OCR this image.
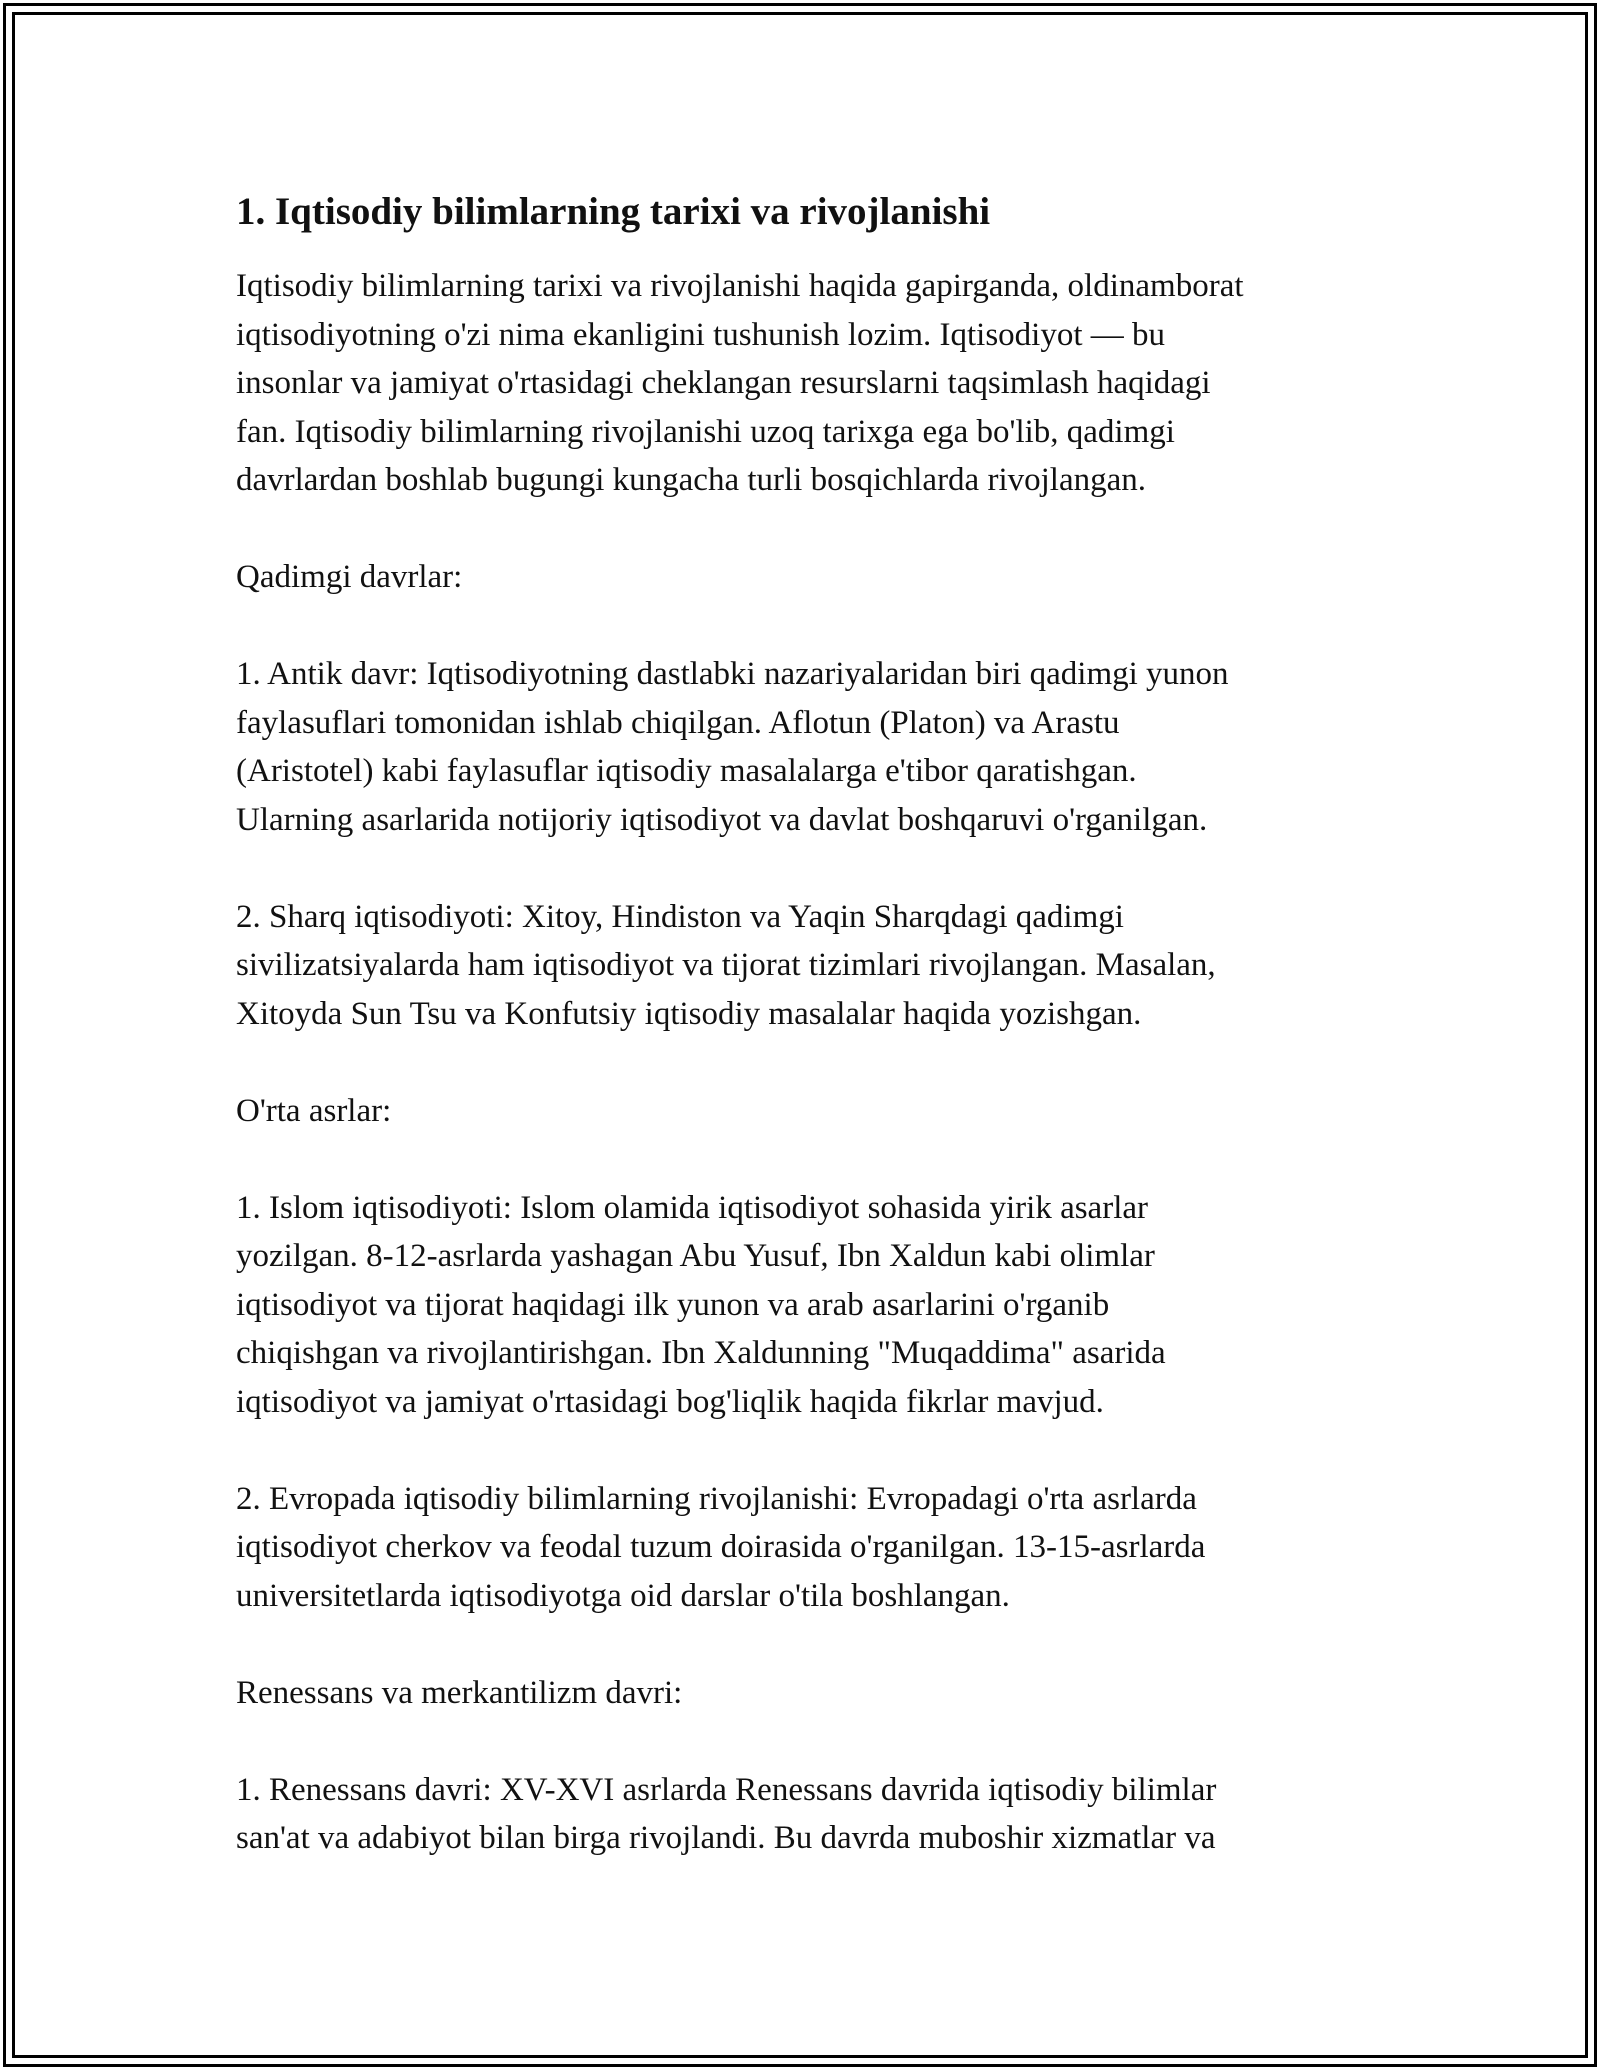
1. Iqtisodiy bilimlarning tarixi va rivojlanishi

Iqtisodiy bilimlarning tarixi va rivojlanishi haqida gapirganda, oldinamborat
iqtisodiyotning o'zi nima ekanligini tushunish lozim. Iqtisodiyot — bu
insonlar va jamiyat o'rtasidagi cheklangan resurslarni taqsimlash haqidagi
fan. Iqtisodiy bilimlarning rivojlanishi uzoq tarixga ega bo'lib, qadimgi
davrlardan boshlab bugungi kungacha turli bosqichlarda rivojlangan.

Qadimgi davrlar:

1. Antik davr: Iqtisodiyotning dastlabki nazariyalaridan biri qadimgi yunon
faylasuflari tomonidan ishlab chiqilgan. Aflotun (Platon) va Arastu
(Aristotel) kabi faylasuflar iqtisodiy masalalarga e'tibor qaratishgan.
Ularning asarlarida notijoriy iqtisodiyot va davlat boshqaruvi o'rganilgan.

2. Sharq iqtisodiyoti: Xitoy, Hindiston va Yaqin Sharqdagi qadimgi
sivilizatsiyalarda ham iqtisodiyot va tijorat tizimlari rivojlangan. Masalan,
Xitoyda Sun Tsu va Konfutsiy iqtisodiy masalalar haqida yozishgan.

O'rta asrlar:

1. Islom iqtisodiyoti: Islom olamida iqtisodiyot sohasida yirik asarlar
yozilgan. 8-12-asrlarda yashagan Abu Yusuf, Ibn Xaldun kabi olimlar
iqtisodiyot va tijorat haqidagi ilk yunon va arab asarlarini o'rganib
chiqishgan va rivojlantirishgan. Ibn Xaldunning "Muqaddima" asarida
iqtisodiyot va jamiyat o'rtasidagi bog'liqlik haqida fikrlar mavjud.

2. Evropada iqtisodiy bilimlarning rivojlanishi: Evropadagi o'rta asrlarda
iqtisodiyot cherkov va feodal tuzum doirasida o'rganilgan. 13-15-asrlarda
universitetlarda iqtisodiyotga oid darslar o'tila boshlangan.

Renessans va merkantilizm davri:

1. Renessans davri: XV-XVI asrlarda Renessans davrida iqtisodiy bilimlar
san'at va adabiyot bilan birga rivojlandi. Bu davrda muboshir xizmatlar va
